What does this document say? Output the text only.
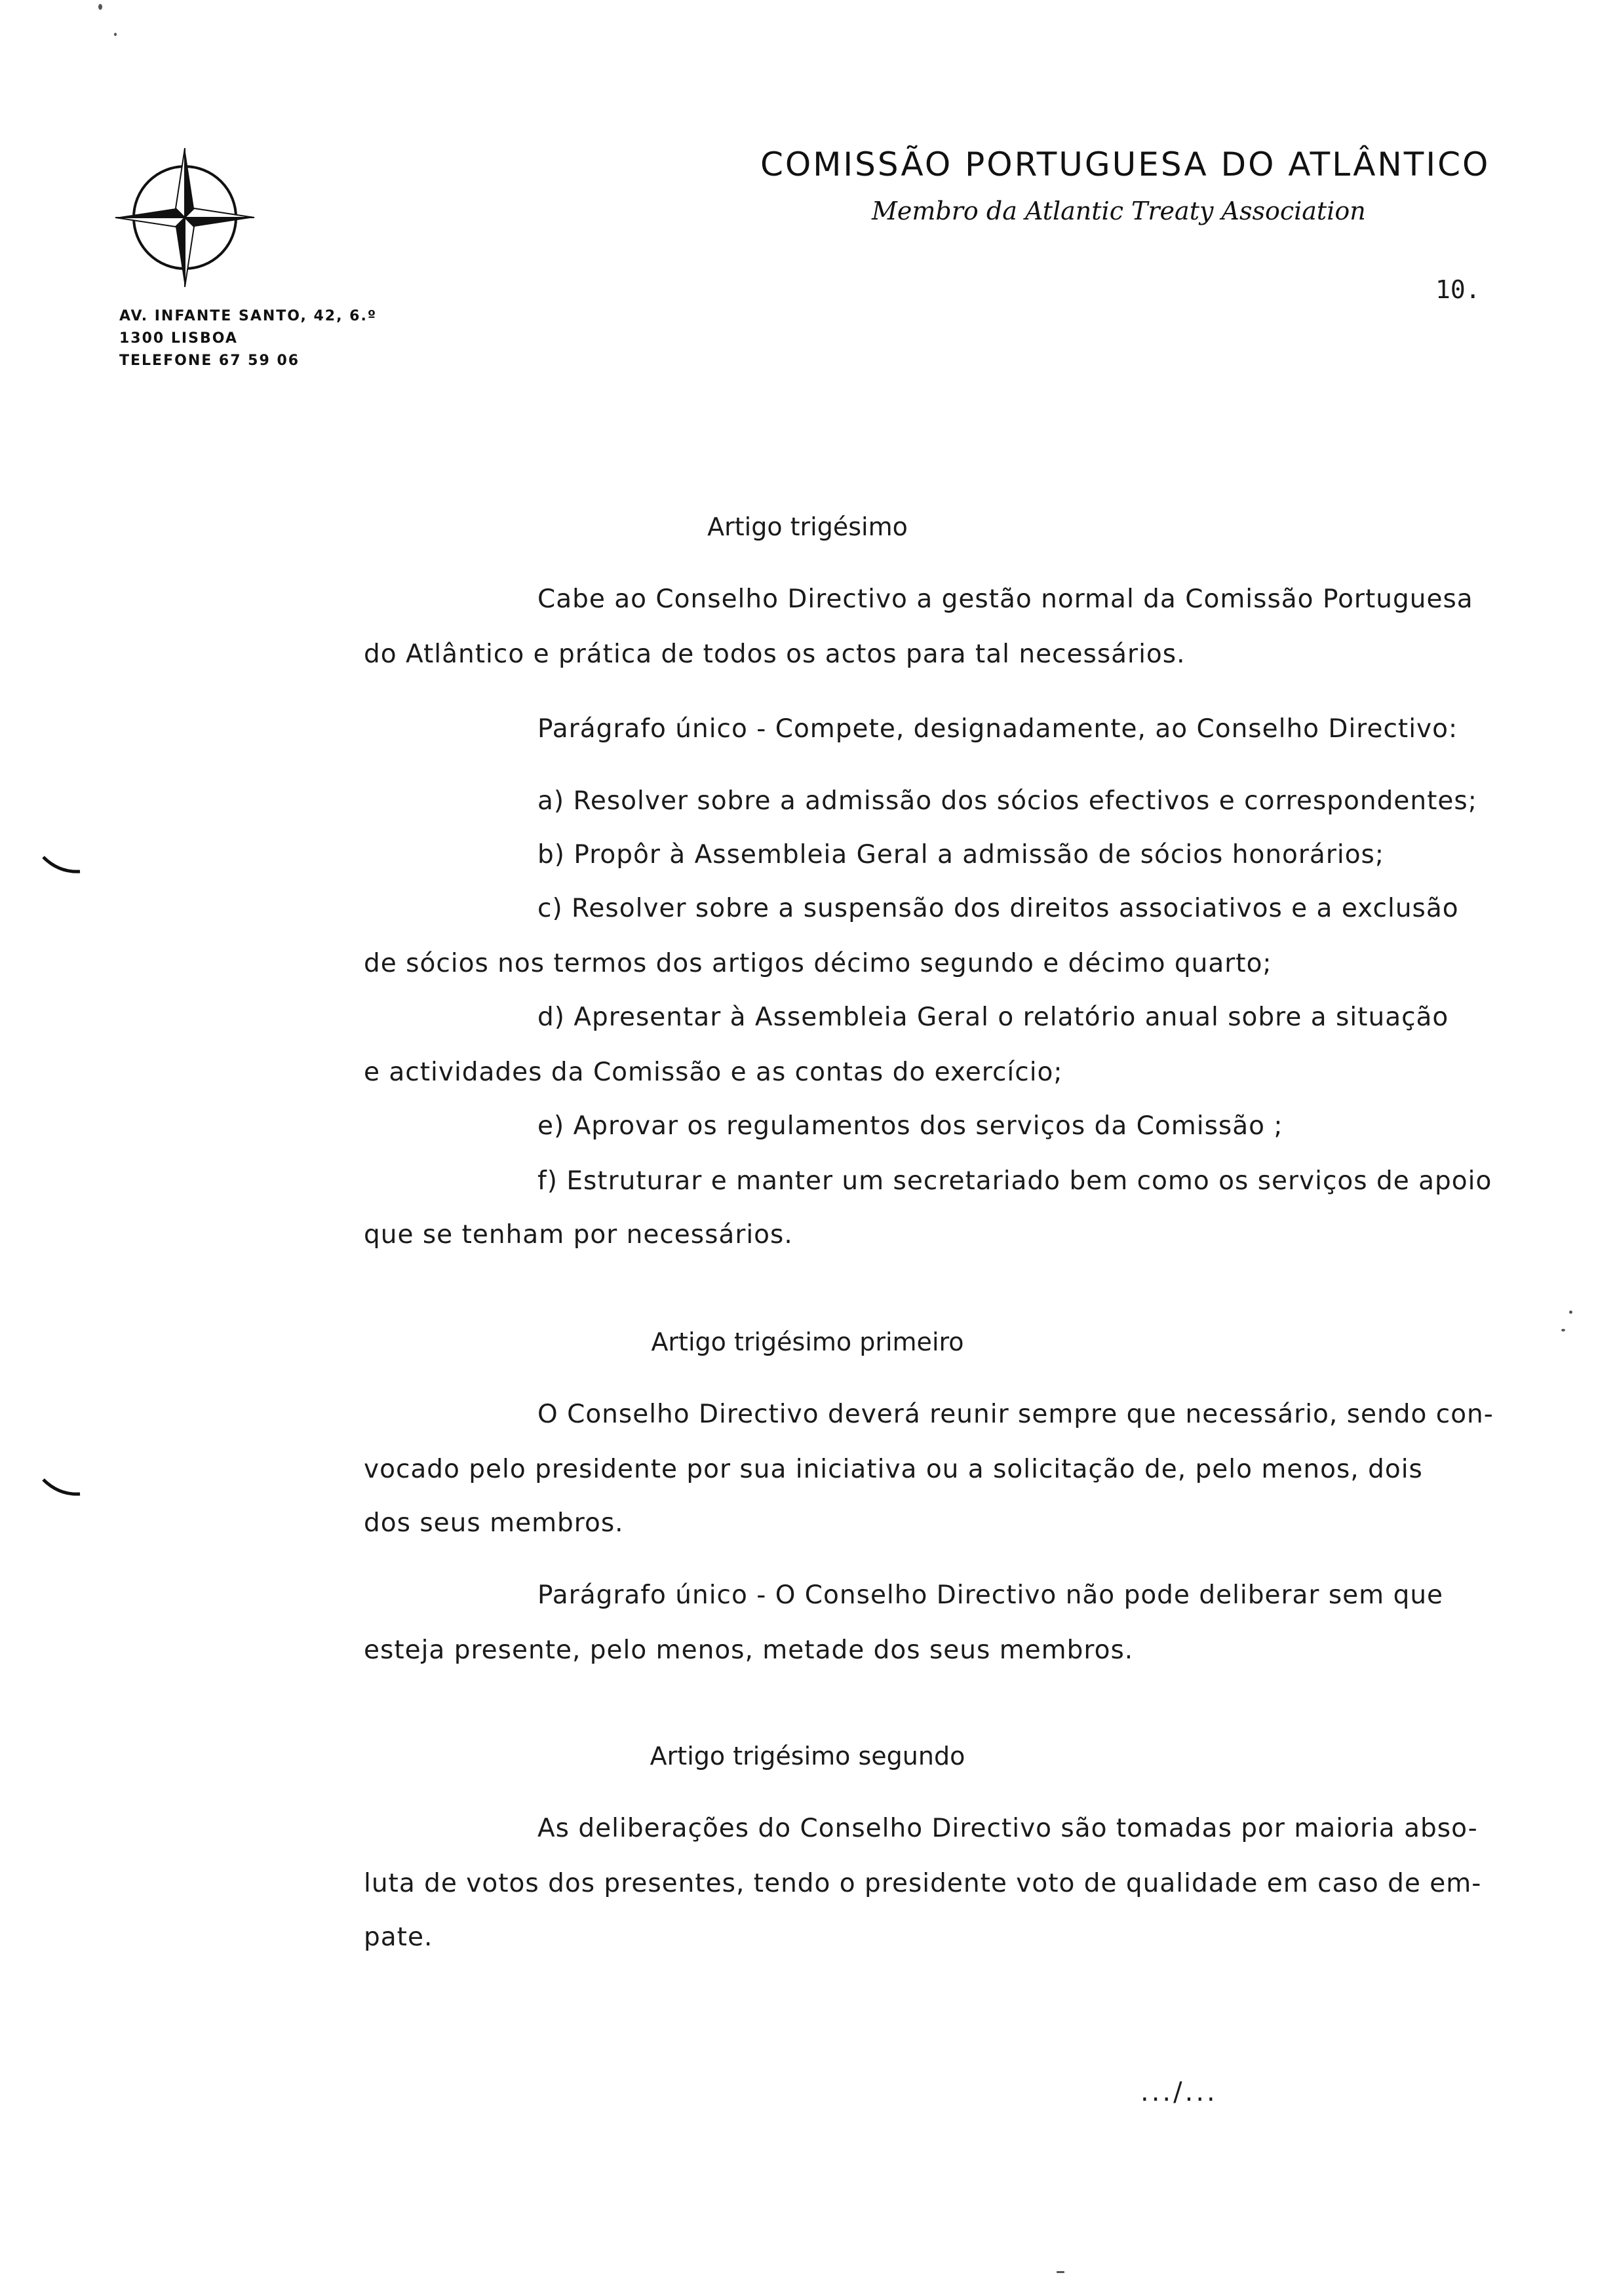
AV. INFANTE SANTO, 42, 6.º
1300 LISBOA
TELEFONE 67 59 06
COMISSÃO PORTUGUESA DO ATLÂNTICO
Membro da Atlantic Treaty Association
10.
Artigo trigésimo
Cabe ao Conselho Directivo a gestão normal da Comissão Portuguesa
do Atlântico e prática de todos os actos para tal necessários.
Parágrafo único - Compete, designadamente, ao Conselho Directivo:
a) Resolver sobre a admissão dos sócios efectivos e correspondentes;
b) Propôr à Assembleia Geral a admissão de sócios honorários;
c) Resolver sobre a suspensão dos direitos associativos e a exclusão
de sócios nos termos dos artigos décimo segundo e décimo quarto;
d) Apresentar à Assembleia Geral o relatório anual sobre a situação
e actividades da Comissão e as contas do exercício;
e) Aprovar os regulamentos dos serviços da Comissão ;
f) Estruturar e manter um secretariado bem como os serviços de apoio
que se tenham por necessários.
Artigo trigésimo primeiro
O Conselho Directivo deverá reunir sempre que necessário, sendo con-
vocado pelo presidente por sua iniciativa ou a solicitação de, pelo menos, dois
dos seus membros.
Parágrafo único - O Conselho Directivo não pode deliberar sem que
esteja presente, pelo menos, metade dos seus membros.
Artigo trigésimo segundo
As deliberações do Conselho Directivo são tomadas por maioria abso-
luta de votos dos presentes, tendo o presidente voto de qualidade em caso de em-
pate.
.../...
